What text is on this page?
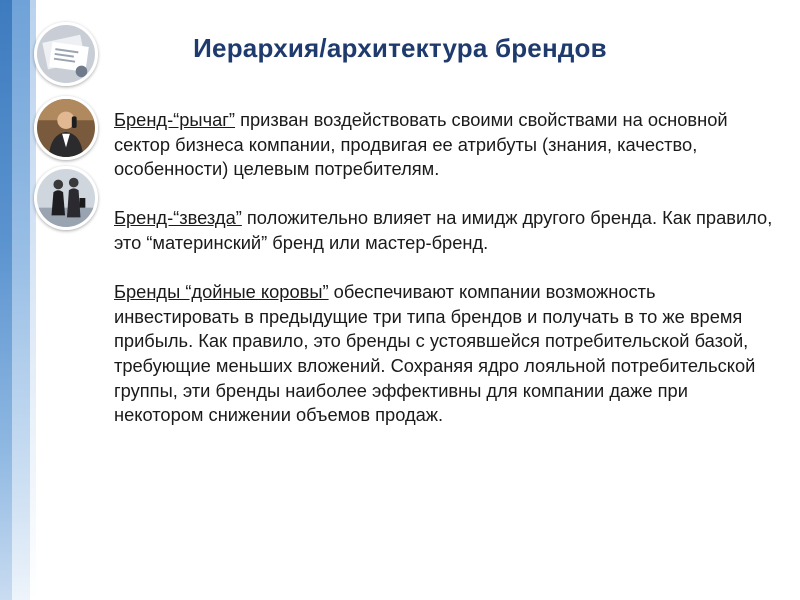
Иерархия/архитектура брендов

Бренд-“рычаг” призван воздействовать своими свойствами на основной сектор бизнеса компании, продвигая ее атрибуты (знания, качество, особенности) целевым потребителям.

Бренд-“звезда” положительно влияет на имидж другого бренда. Как правило, это “материнский” бренд или мастер-бренд.

Бренды “дойные коровы” обеспечивают компании возможность инвестировать в предыдущие три типа брендов и получать в то же время прибыль. Как правило, это бренды с устоявшейся потребительской базой, требующие меньших вложений. Сохраняя ядро лояльной потребительской группы, эти бренды наиболее эффективны для компании даже при некотором снижении объемов продаж.
